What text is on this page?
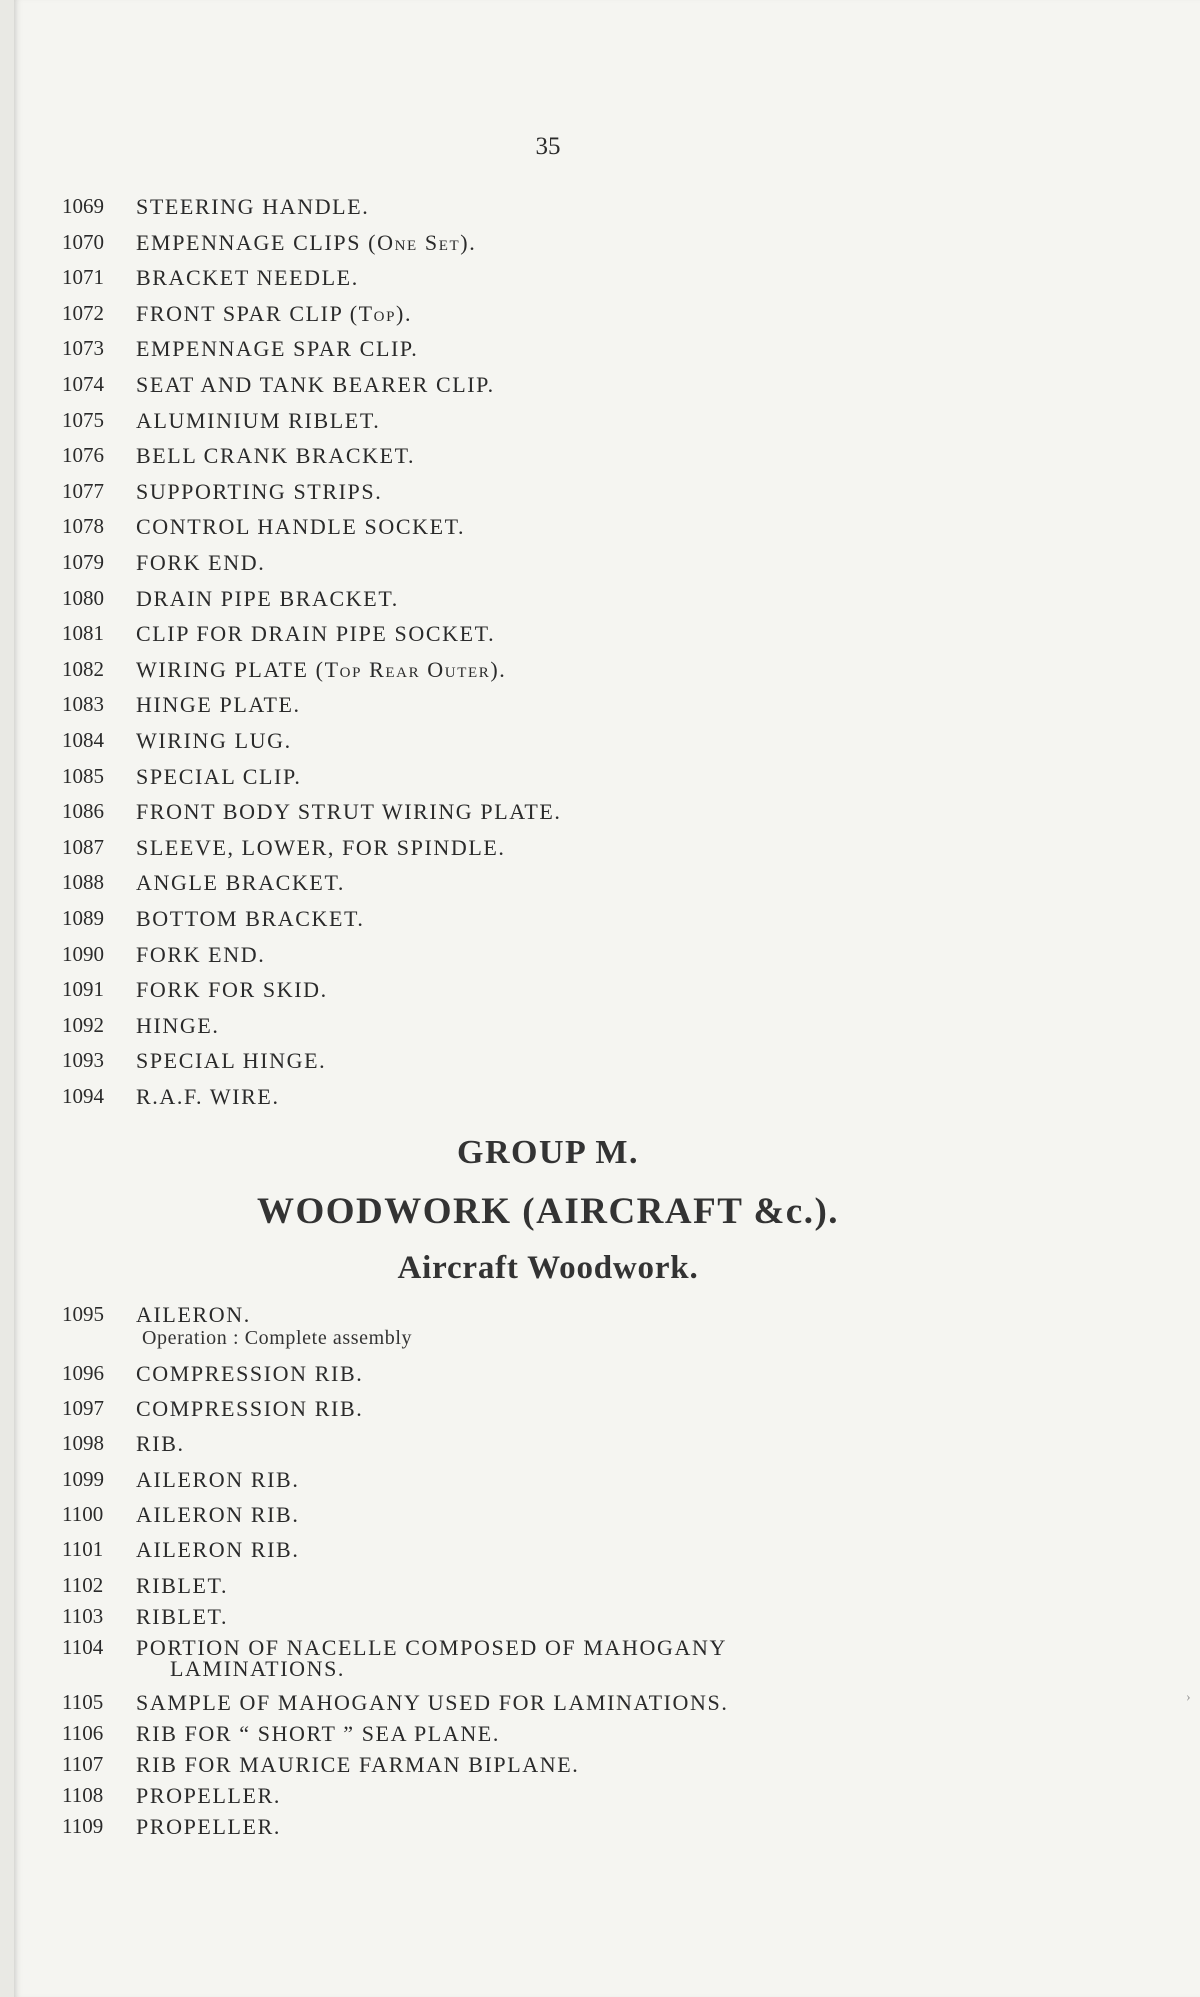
35
1069	STEERING HANDLE.
1070	EMPENNAGE CLIPS (One Set).
1071	BRACKET NEEDLE.
1072	FRONT SPAR CLIP (Top).
1073	EMPENNAGE SPAR CLIP.
1074	SEAT AND TANK BEARER CLIP.
1075	ALUMINIUM RIBLET.
1076	BELL CRANK BRACKET.
1077	SUPPORTING STRIPS.
1078	CONTROL HANDLE SOCKET.
1079	FORK END.
1080	DRAIN PIPE BRACKET.
1081	CLIP FOR DRAIN PIPE SOCKET.
1082	WIRING PLATE (Top Rear Outer).
1083	HINGE PLATE.
1084	WIRING LUG.
1085	SPECIAL CLIP.
1086	FRONT BODY STRUT WIRING PLATE.
1087	SLEEVE, LOWER, FOR SPINDLE.
1088	ANGLE BRACKET.
1089	BOTTOM BRACKET.
1090	FORK END.
1091	FORK FOR SKID.
1092	HINGE.
1093	SPECIAL HINGE.
1094	R.A.F. WIRE.
GROUP M.
WOODWORK (AIRCRAFT &c.).
Aircraft Woodwork.
1095	AILERON.
Operation : Complete assembly
1096	COMPRESSION RIB.
1097	COMPRESSION RIB.
1098	RIB.
1099	AILERON RIB.
1100	AILERON RIB.
1101	AILERON RIB.
1102	RIBLET.
1103	RIBLET.
1104	PORTION OF NACELLE COMPOSED OF MAHOGANY
LAMINATIONS.
1105	SAMPLE OF MAHOGANY USED FOR LAMINATIONS.
1106	RIB FOR “ SHORT ” SEA PLANE.
1107	RIB FOR MAURICE FARMAN BIPLANE.
1108	PROPELLER.
1109	PROPELLER.
›
